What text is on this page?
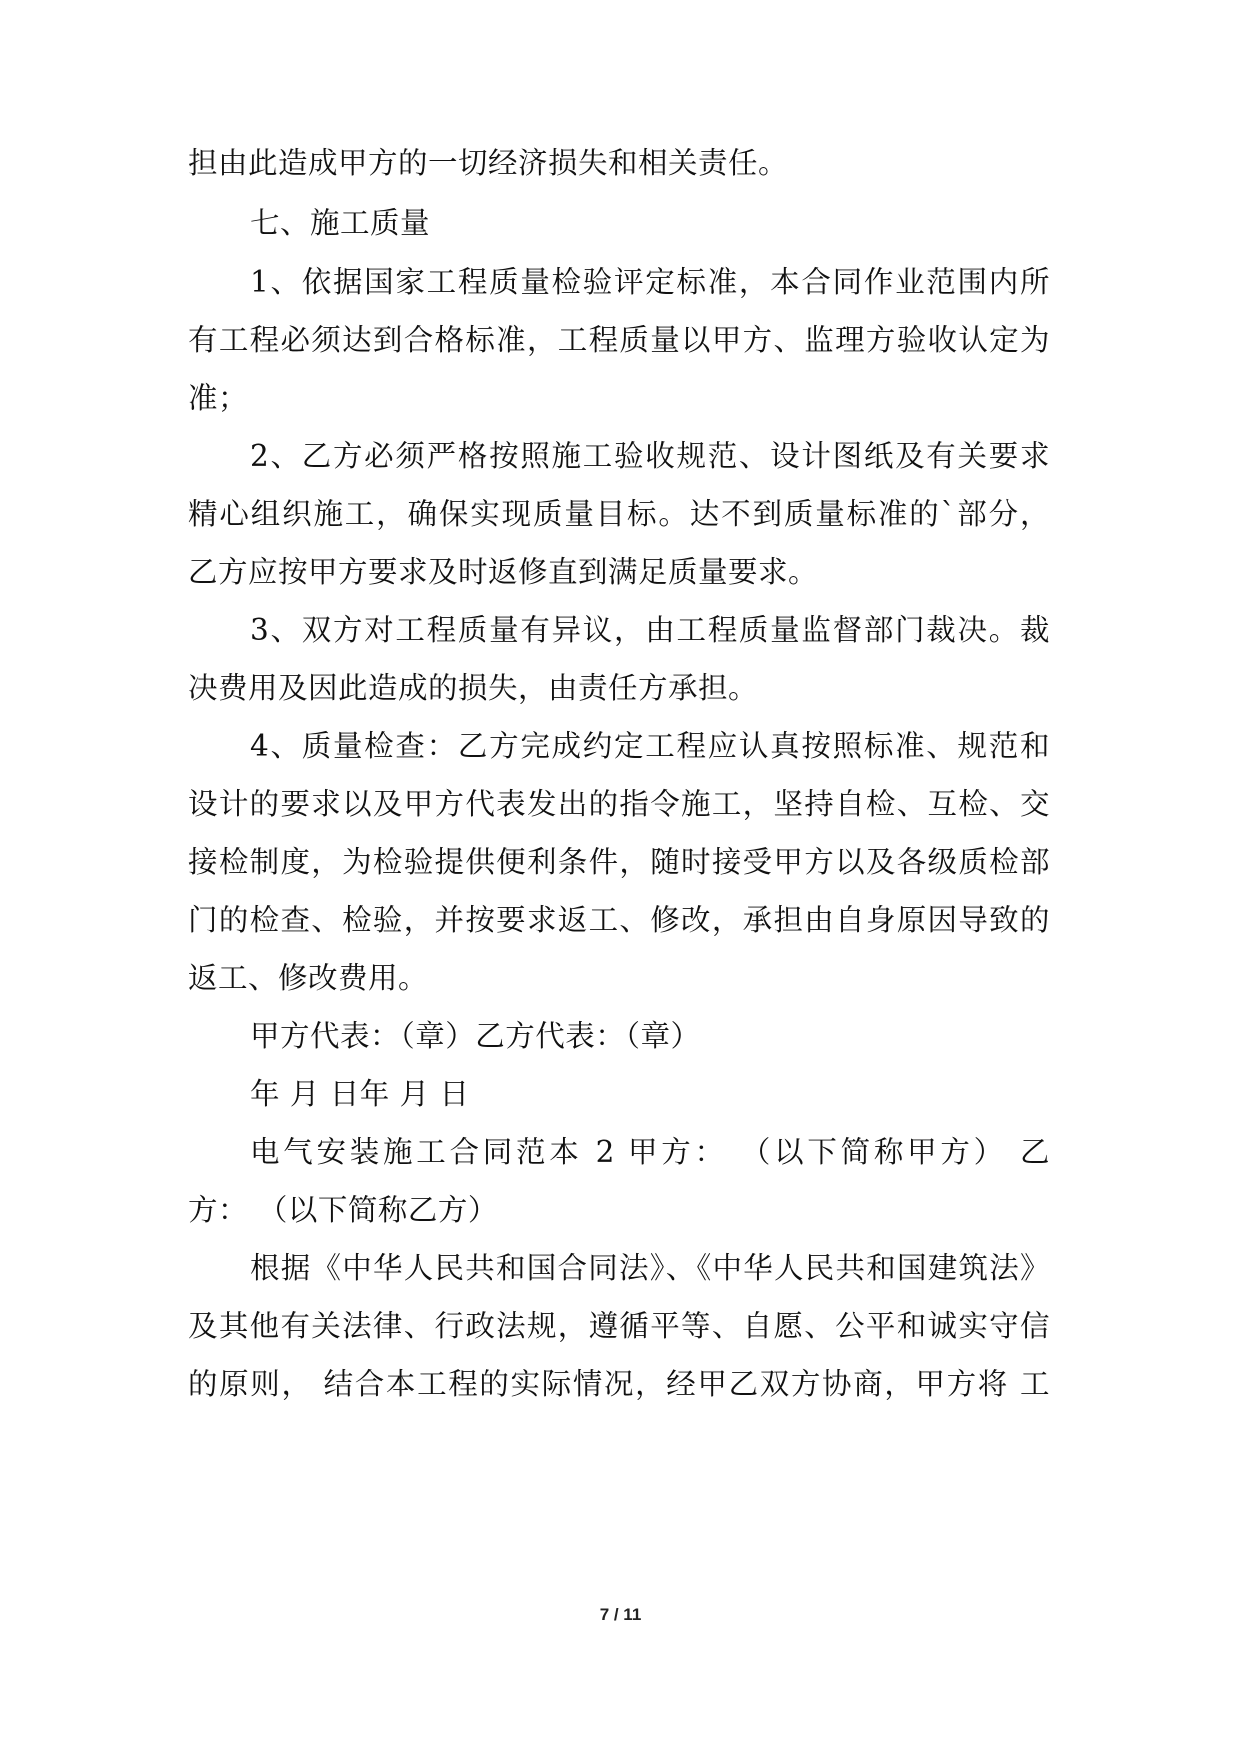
担由此造成甲方的一切经济损失和相关责任。
七、施工质量
1、依据国家工程质量检验评定标准，本合同作业范围内所
有工程必须达到合格标准，工程质量以甲方、监理方验收认定为
准；
2、乙方必须严格按照施工验收规范、设计图纸及有关要求
精心组织施工，确保实现质量目标。达不到质量标准的`部分，
乙方应按甲方要求及时返修直到满足质量要求。
3、双方对工程质量有异议，由工程质量监督部门裁决。裁
决费用及因此造成的损失，由责任方承担。
4、质量检查：乙方完成约定工程应认真按照标准、规范和
设计的要求以及甲方代表发出的指令施工，坚持自检、互检、交
接检制度，为检验提供便利条件，随时接受甲方以及各级质检部
门的检查、检验，并按要求返工、修改，承担由自身原因导致的
返工、修改费用。
甲方代表：（章）乙方代表：（章）
年 月 日年 月 日
电气安装施工合同范本 2 甲方： （以下简称甲方） 乙
方： （以下简称乙方）
根据《中华人民共和国合同法》、《中华人民共和国建筑法》
及其他有关法律、行政法规，遵循平等、自愿、公平和诚实守信
的原则， 结合本工程的实际情况，经甲乙双方协商，甲方将 工
7 / 11
